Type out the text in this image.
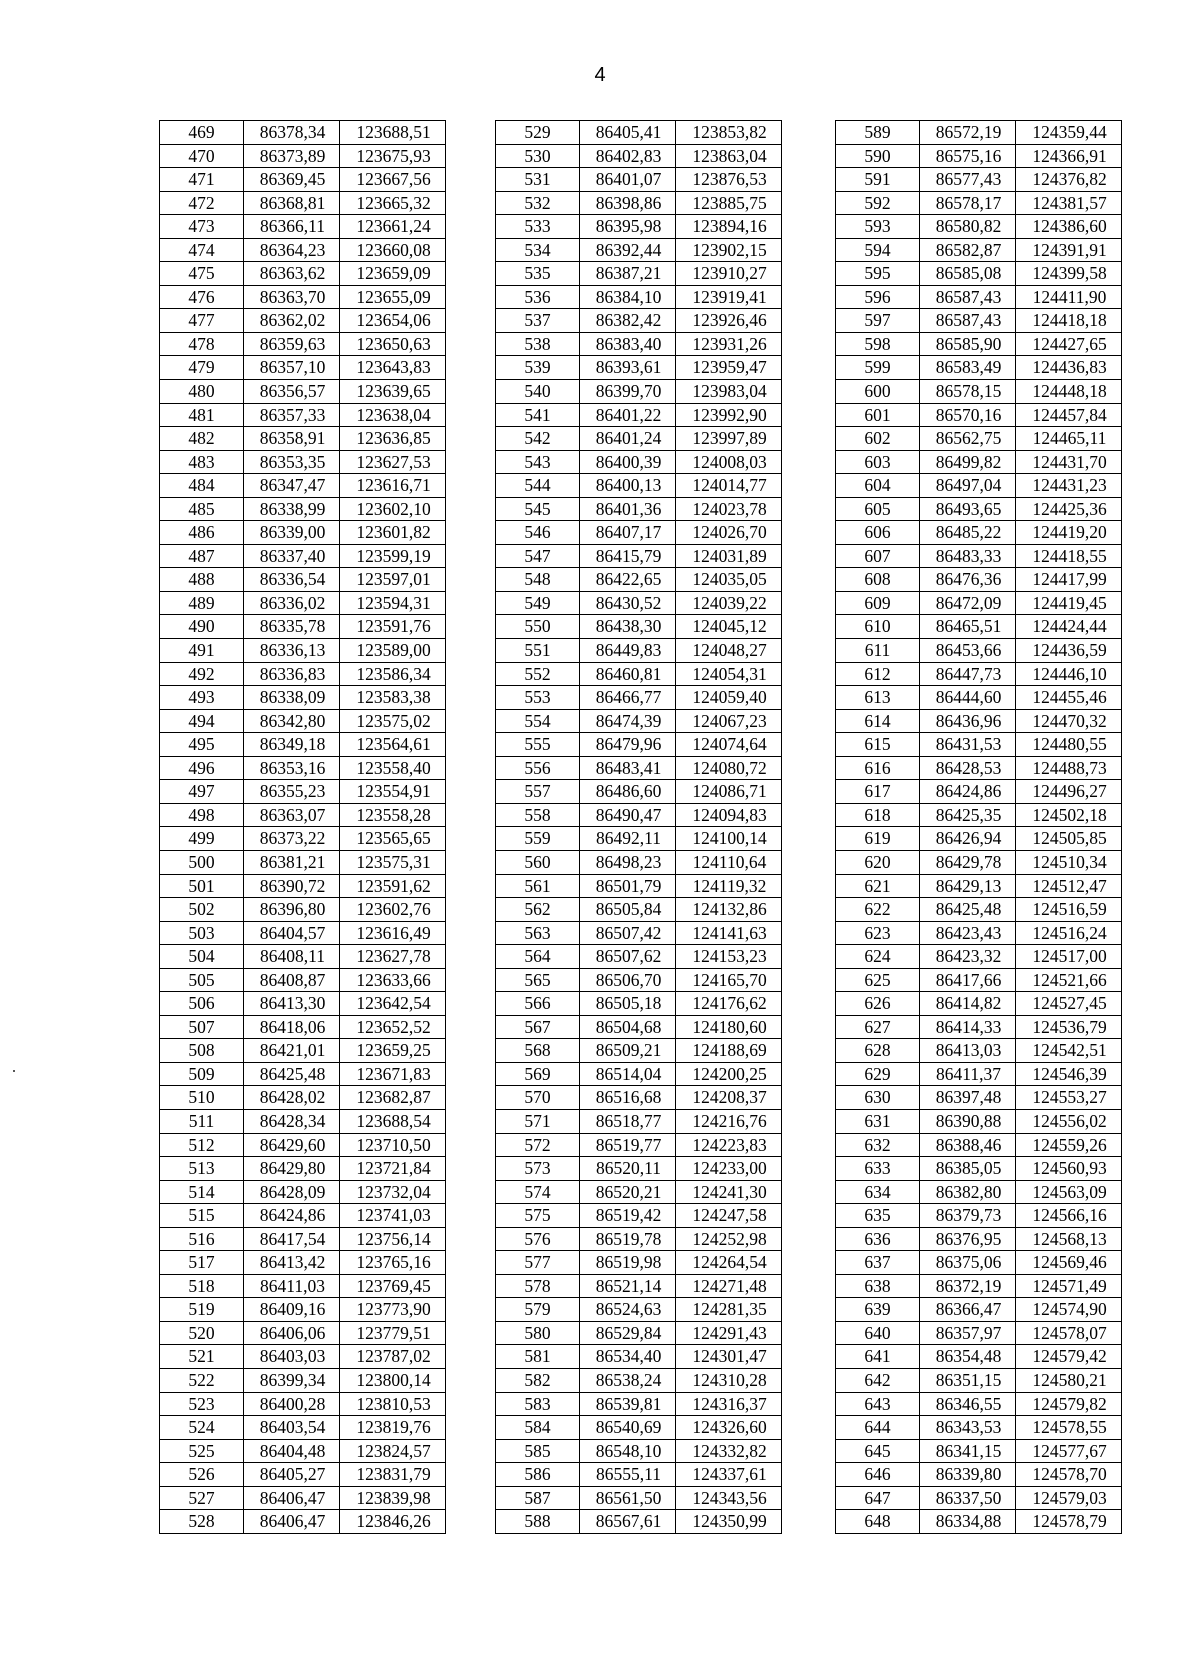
4
469	86378,34	123688,51
470	86373,89	123675,93
471	86369,45	123667,56
472	86368,81	123665,32
473	86366,11	123661,24
474	86364,23	123660,08
475	86363,62	123659,09
476	86363,70	123655,09
477	86362,02	123654,06
478	86359,63	123650,63
479	86357,10	123643,83
480	86356,57	123639,65
481	86357,33	123638,04
482	86358,91	123636,85
483	86353,35	123627,53
484	86347,47	123616,71
485	86338,99	123602,10
486	86339,00	123601,82
487	86337,40	123599,19
488	86336,54	123597,01
489	86336,02	123594,31
490	86335,78	123591,76
491	86336,13	123589,00
492	86336,83	123586,34
493	86338,09	123583,38
494	86342,80	123575,02
495	86349,18	123564,61
496	86353,16	123558,40
497	86355,23	123554,91
498	86363,07	123558,28
499	86373,22	123565,65
500	86381,21	123575,31
501	86390,72	123591,62
502	86396,80	123602,76
503	86404,57	123616,49
504	86408,11	123627,78
505	86408,87	123633,66
506	86413,30	123642,54
507	86418,06	123652,52
508	86421,01	123659,25
509	86425,48	123671,83
510	86428,02	123682,87
511	86428,34	123688,54
512	86429,60	123710,50
513	86429,80	123721,84
514	86428,09	123732,04
515	86424,86	123741,03
516	86417,54	123756,14
517	86413,42	123765,16
518	86411,03	123769,45
519	86409,16	123773,90
520	86406,06	123779,51
521	86403,03	123787,02
522	86399,34	123800,14
523	86400,28	123810,53
524	86403,54	123819,76
525	86404,48	123824,57
526	86405,27	123831,79
527	86406,47	123839,98
528	86406,47	123846,26
529	86405,41	123853,82
530	86402,83	123863,04
531	86401,07	123876,53
532	86398,86	123885,75
533	86395,98	123894,16
534	86392,44	123902,15
535	86387,21	123910,27
536	86384,10	123919,41
537	86382,42	123926,46
538	86383,40	123931,26
539	86393,61	123959,47
540	86399,70	123983,04
541	86401,22	123992,90
542	86401,24	123997,89
543	86400,39	124008,03
544	86400,13	124014,77
545	86401,36	124023,78
546	86407,17	124026,70
547	86415,79	124031,89
548	86422,65	124035,05
549	86430,52	124039,22
550	86438,30	124045,12
551	86449,83	124048,27
552	86460,81	124054,31
553	86466,77	124059,40
554	86474,39	124067,23
555	86479,96	124074,64
556	86483,41	124080,72
557	86486,60	124086,71
558	86490,47	124094,83
559	86492,11	124100,14
560	86498,23	124110,64
561	86501,79	124119,32
562	86505,84	124132,86
563	86507,42	124141,63
564	86507,62	124153,23
565	86506,70	124165,70
566	86505,18	124176,62
567	86504,68	124180,60
568	86509,21	124188,69
569	86514,04	124200,25
570	86516,68	124208,37
571	86518,77	124216,76
572	86519,77	124223,83
573	86520,11	124233,00
574	86520,21	124241,30
575	86519,42	124247,58
576	86519,78	124252,98
577	86519,98	124264,54
578	86521,14	124271,48
579	86524,63	124281,35
580	86529,84	124291,43
581	86534,40	124301,47
582	86538,24	124310,28
583	86539,81	124316,37
584	86540,69	124326,60
585	86548,10	124332,82
586	86555,11	124337,61
587	86561,50	124343,56
588	86567,61	124350,99
589	86572,19	124359,44
590	86575,16	124366,91
591	86577,43	124376,82
592	86578,17	124381,57
593	86580,82	124386,60
594	86582,87	124391,91
595	86585,08	124399,58
596	86587,43	124411,90
597	86587,43	124418,18
598	86585,90	124427,65
599	86583,49	124436,83
600	86578,15	124448,18
601	86570,16	124457,84
602	86562,75	124465,11
603	86499,82	124431,70
604	86497,04	124431,23
605	86493,65	124425,36
606	86485,22	124419,20
607	86483,33	124418,55
608	86476,36	124417,99
609	86472,09	124419,45
610	86465,51	124424,44
611	86453,66	124436,59
612	86447,73	124446,10
613	86444,60	124455,46
614	86436,96	124470,32
615	86431,53	124480,55
616	86428,53	124488,73
617	86424,86	124496,27
618	86425,35	124502,18
619	86426,94	124505,85
620	86429,78	124510,34
621	86429,13	124512,47
622	86425,48	124516,59
623	86423,43	124516,24
624	86423,32	124517,00
625	86417,66	124521,66
626	86414,82	124527,45
627	86414,33	124536,79
628	86413,03	124542,51
629	86411,37	124546,39
630	86397,48	124553,27
631	86390,88	124556,02
632	86388,46	124559,26
633	86385,05	124560,93
634	86382,80	124563,09
635	86379,73	124566,16
636	86376,95	124568,13
637	86375,06	124569,46
638	86372,19	124571,49
639	86366,47	124574,90
640	86357,97	124578,07
641	86354,48	124579,42
642	86351,15	124580,21
643	86346,55	124579,82
644	86343,53	124578,55
645	86341,15	124577,67
646	86339,80	124578,70
647	86337,50	124579,03
648	86334,88	124578,79
